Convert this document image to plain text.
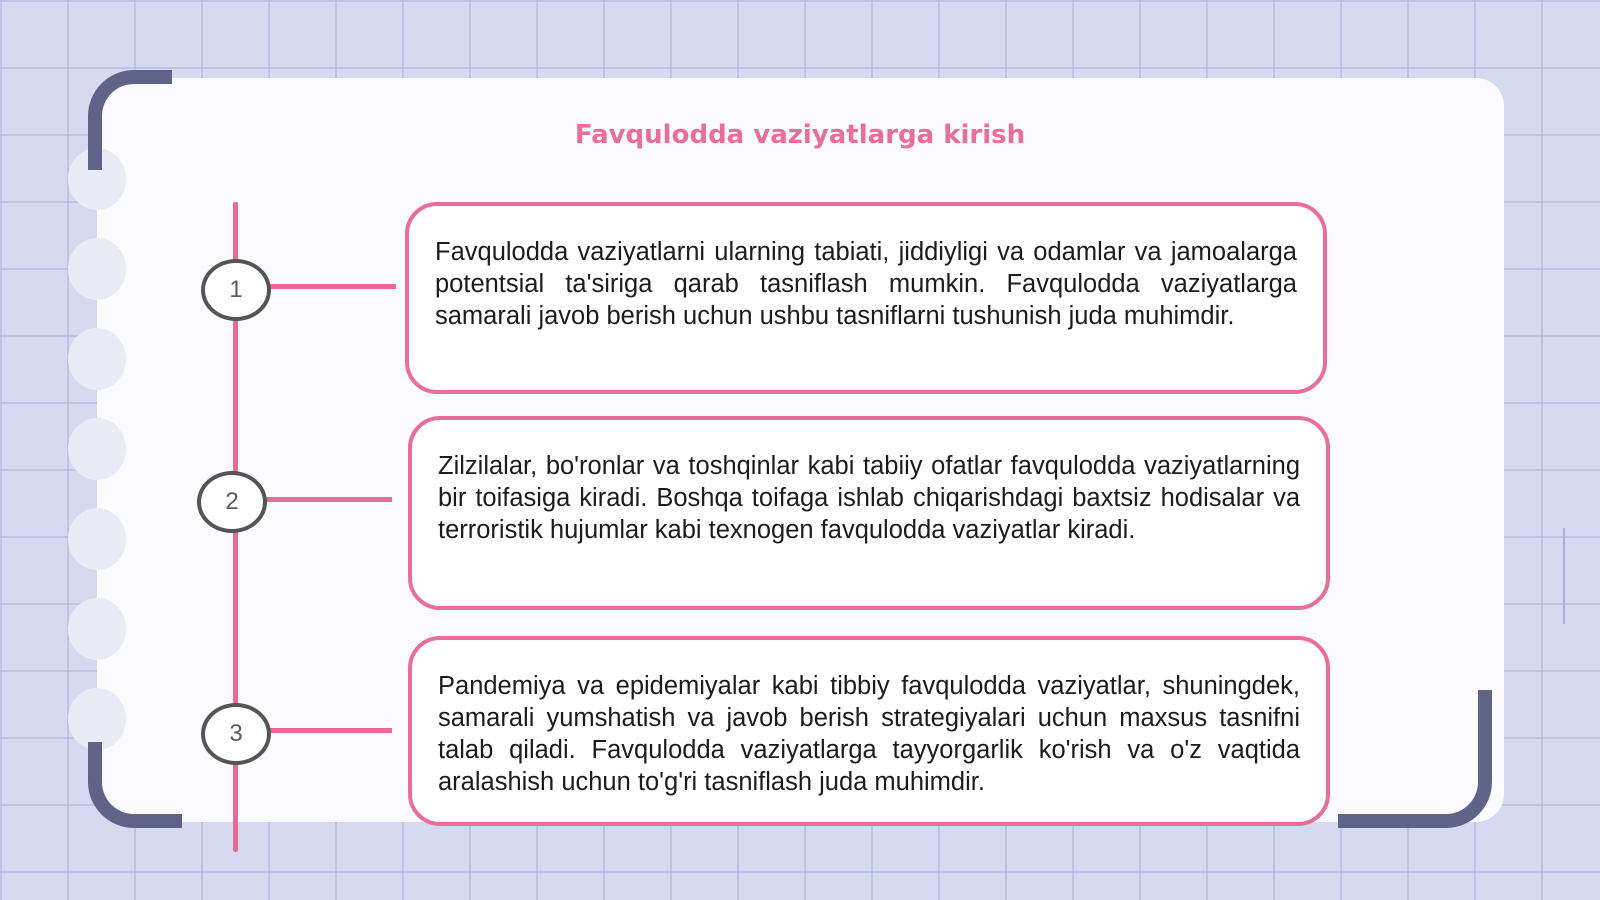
Favqulodda vaziyatlarga kirish
1
2
3
Favqulodda vaziyatlarni ularning tabiati, jiddiyligi va odamlar va jamoalarga potentsial ta'siriga qarab tasniflash mumkin. Favqulodda vaziyatlarga samarali javob berish uchun ushbu tasniflarni tushunish juda muhimdir.
Zilzilalar, bo'ronlar va toshqinlar kabi tabiiy ofatlar favqulodda vaziyatlarning bir toifasiga kiradi. Boshqa toifaga ishlab chiqarishdagi baxtsiz hodisalar va terroristik hujumlar kabi texnogen favqulodda vaziyatlar kiradi.
Pandemiya va epidemiyalar kabi tibbiy favqulodda vaziyatlar, shuningdek, samarali yumshatish va javob berish strategiyalari uchun maxsus tasnifni talab qiladi. Favqulodda vaziyatlarga tayyorgarlik ko'rish va o'z vaqtida aralashish uchun to'g'ri tasniflash juda muhimdir.
